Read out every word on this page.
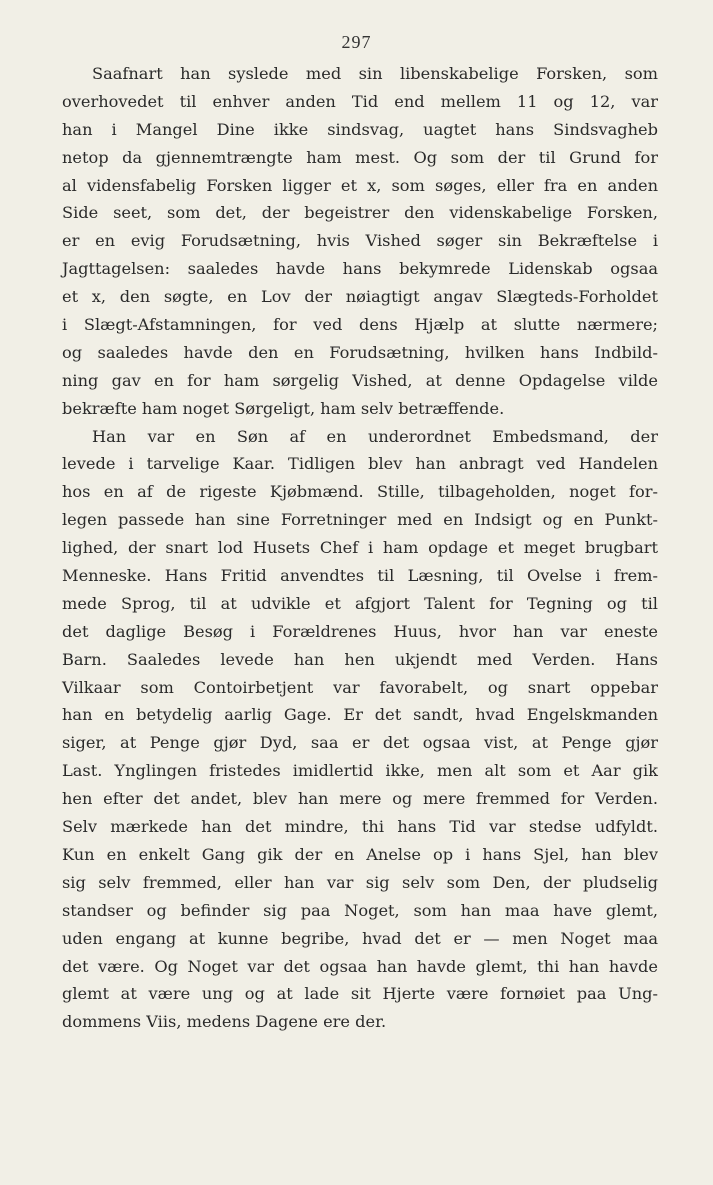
297
Saafnart han syslede med sin libenskabelige Forsken, som
overhovedet til enhver anden Tid end mellem 11 og 12, var
han i Mangel Dine ikke sindsvag, uagtet hans Sindsvagheb
netop da gjennemtrængte ham mest. Og som der til Grund for
al vidensfabelig Forsken ligger et x, som søges, eller fra en anden
Side seet, som det, der begeistrer den videnskabelige Forsken,
er en evig Forudsætning, hvis Vished søger sin Bekræftelse i
Jagttagelsen: saaledes havde hans bekymrede Lidenskab ogsaa
et x, den søgte, en Lov der nøiagtigt angav Slægteds-Forholdet
i Slægt-Afstamningen, for ved dens Hjælp at slutte nærmere;
og saaledes havde den en Forudsætning, hvilken hans Indbild-
ning gav en for ham sørgelig Vished, at denne Opdagelse vilde
bekræfte ham noget Sørgeligt, ham selv betræffende.
Han var en Søn af en underordnet Embedsmand, der
levede i tarvelige Kaar. Tidligen blev han anbragt ved Handelen
hos en af de rigeste Kjøbmænd. Stille, tilbageholden, noget for-
legen passede han sine Forretninger med en Indsigt og en Punkt-
lighed, der snart lod Husets Chef i ham opdage et meget brugbart
Menneske. Hans Fritid anvendtes til Læsning, til Ovelse i frem-
mede Sprog, til at udvikle et afgjort Talent for Tegning og til
det daglige Besøg i Forældrenes Huus, hvor han var eneste
Barn. Saaledes levede han hen ukjendt med Verden. Hans
Vilkaar som Contoirbetjent var favorabelt, og snart oppebar
han en betydelig aarlig Gage. Er det sandt, hvad Engelskmanden
siger, at Penge gjør Dyd, saa er det ogsaa vist, at Penge gjør
Last. Ynglingen fristedes imidlertid ikke, men alt som et Aar gik
hen efter det andet, blev han mere og mere fremmed for Verden.
Selv mærkede han det mindre, thi hans Tid var stedse udfyldt.
Kun en enkelt Gang gik der en Anelse op i hans Sjel, han blev
sig selv fremmed, eller han var sig selv som Den, der pludselig
standser og befinder sig paa Noget, som han maa have glemt,
uden engang at kunne begribe, hvad det er — men Noget maa
det være. Og Noget var det ogsaa han havde glemt, thi han havde
glemt at være ung og at lade sit Hjerte være fornøiet paa Ung-
dommens Viis, medens Dagene ere der.
